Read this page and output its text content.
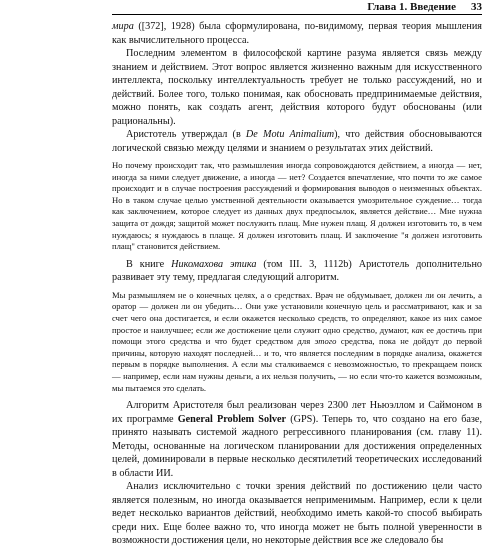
Глава 1. Введение 33

мира ([372], 1928) была сформулирована, по-видимому, первая теория мышления как вычислительного процесса.

Последним элементом в философской картине разума является связь между знанием и действием. Этот вопрос является жизненно важным для искусственного интеллекта, поскольку интеллектуальность требует не только рассуждений, но и действий. Более того, только понимая, как обосновать предпринимаемые действия, можно понять, как создать агент, действия которого будут обоснованы (или рациональны).

Аристотель утверждал (в De Motu Animalium), что действия обосновываются логической связью между целями и знанием о результатах этих действий.

Но почему происходит так, что размышления иногда сопровождаются действием, а иногда — нет, иногда за ними следует движение, а иногда — нет? Создается впечатление, что почти то же самое происходит и в случае построения рассуждений и формирования выводов о неизменных объектах. Но в таком случае целью умственной деятельности оказывается умозрительное суждение… тогда как заключением, которое следует из данных двух предпосылок, является действие… Мне нужна защита от дождя; защитой может послужить плащ. Мне нужен плащ. Я должен изготовить то, в чем нуждаюсь; я нуждаюсь в плаще. Я должен изготовить плащ. И заключение "я должен изготовить плащ" становится действием.

В книге Никомахова этика (том III. 3, 1112b) Аристотель дополнительно развивает эту тему, предлагая следующий алгоритм.

Мы размышляем не о конечных целях, а о средствах. Врач не обдумывает, должен ли он лечить, а оратор — должен ли он убедить… Они уже установили конечную цель и рассматривают, как и за счет чего она достигается, и если окажется несколько средств, то определяют, какое из них самое простое и наилучшее; если же достижение цели служит одно средство, думают, как ее достичь при помощи этого средства и что будет средством для этого средства, пока не дойдут до первой причины, которую находят последней… и то, что является последним в порядке анализа, окажется первым в порядке выполнения. А если мы сталкиваемся с невозможностью, то прекращаем поиск — например, если нам нужны деньги, а их нельзя получить, — но если что-то кажется возможным, мы пытаемся это сделать.

Алгоритм Аристотеля был реализован через 2300 лет Ньюэллом и Саймоном в их программе General Problem Solver (GPS). Теперь то, что создано на его базе, принято называть системой жадного регрессивного планирования (см. главу 11). Методы, основанные на логическом планировании для достижения определенных целей, доминировали в первые несколько десятилетий теоретических исследований в области ИИ.

Анализ исключительно с точки зрения действий по достижению цели часто является полезным, но иногда оказывается неприменимым. Например, если к цели ведет несколько вариантов действий, необходимо иметь какой-то способ выбирать среди них. Еще более важно то, что иногда может не быть полной уверенности в возможности достижения цели, но некоторые действия все же следовало бы
